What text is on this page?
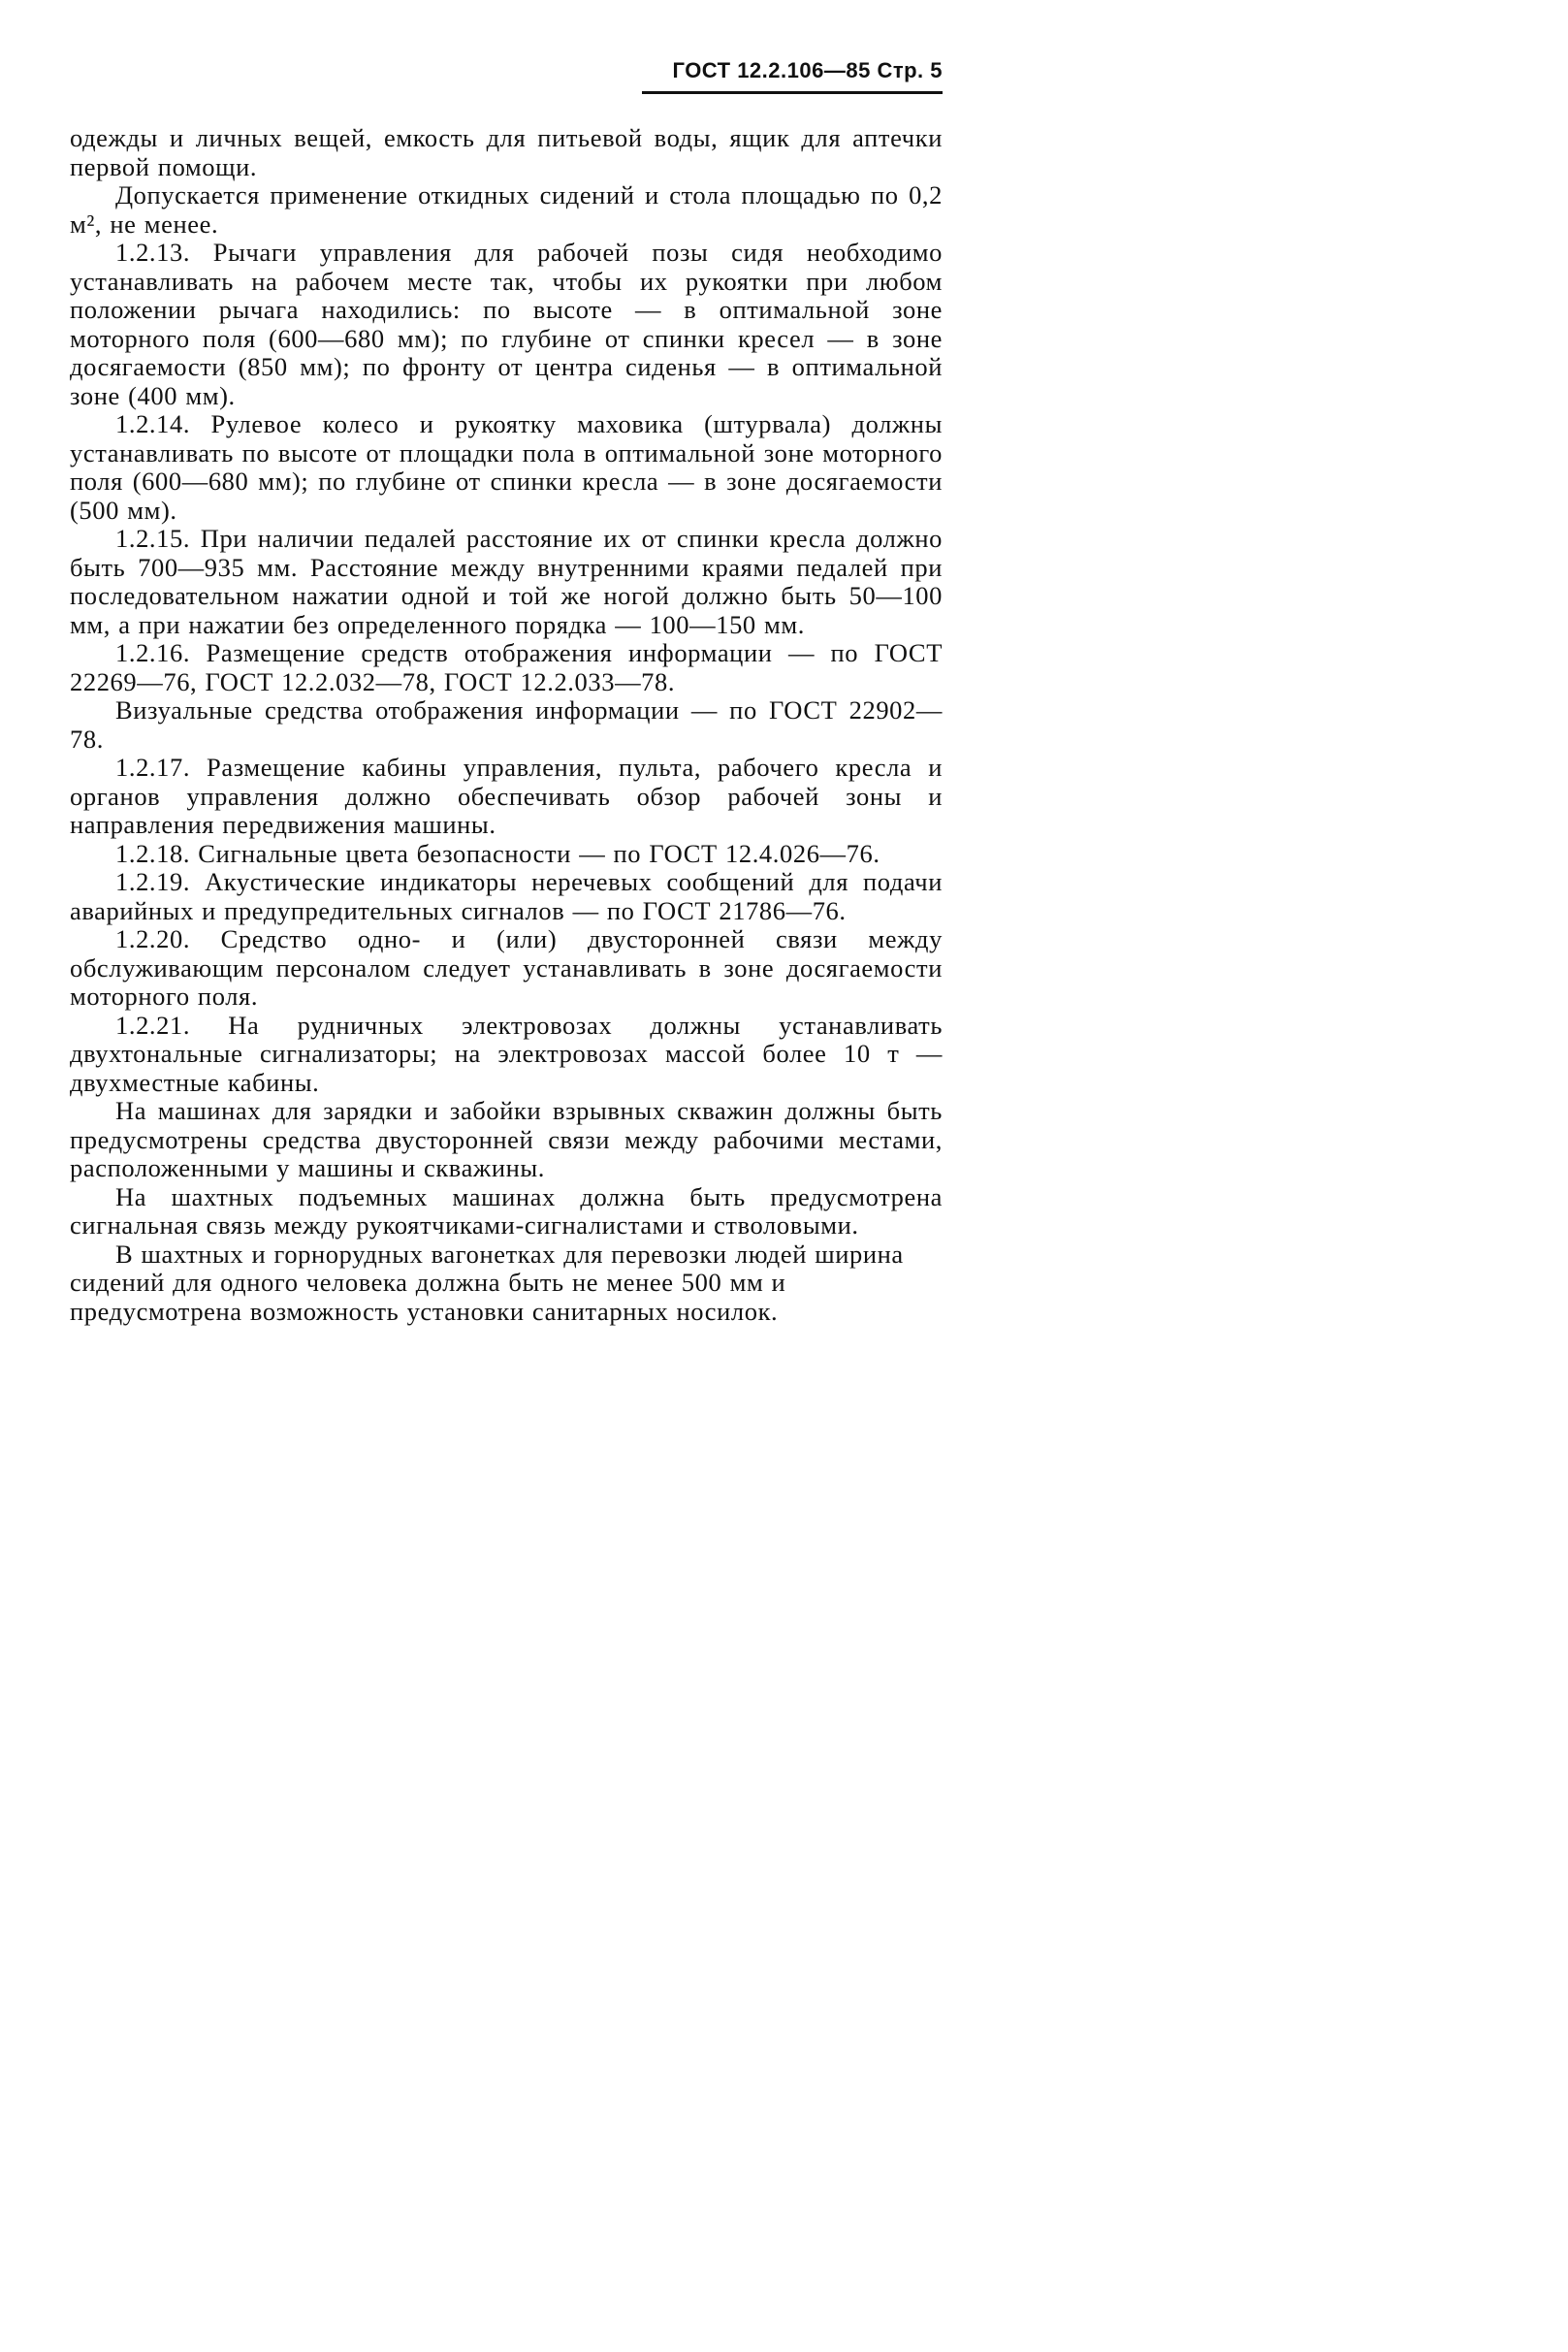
ГОСТ 12.2.106—85 Стр. 5

одежды и личных вещей, емкость для питьевой воды, ящик для аптечки первой помощи.

Допускается применение откидных сидений и стола площадью по 0,2 м², не менее.

1.2.13. Рычаги управления для рабочей позы сидя необходимо устанавливать на рабочем месте так, чтобы их рукоятки при любом положении рычага находились: по высоте — в оптимальной зоне моторного поля (600—680 мм); по глубине от спинки кресел — в зоне досягаемости (850 мм); по фронту от центра сиденья — в оптимальной зоне (400 мм).

1.2.14. Рулевое колесо и рукоятку маховика (штурвала) должны устанавливать по высоте от площадки пола в оптимальной зоне моторного поля (600—680 мм); по глубине от спинки кресла — в зоне досягаемости (500 мм).

1.2.15. При наличии педалей расстояние их от спинки кресла должно быть 700—935 мм. Расстояние между внутренними краями педалей при последовательном нажатии одной и той же ногой должно быть 50—100 мм, а при нажатии без определенного порядка — 100—150 мм.

1.2.16. Размещение средств отображения информации — по ГОСТ 22269—76, ГОСТ 12.2.032—78, ГОСТ 12.2.033—78.

Визуальные средства отображения информации — по ГОСТ 22902—78.

1.2.17. Размещение кабины управления, пульта, рабочего кресла и органов управления должно обеспечивать обзор рабочей зоны и направления передвижения машины.

1.2.18. Сигнальные цвета безопасности — по ГОСТ 12.4.026—76.

1.2.19. Акустические индикаторы неречевых сообщений для подачи аварийных и предупредительных сигналов — по ГОСТ 21786—76.

1.2.20. Средство одно- и (или) двусторонней связи между обслуживающим персоналом следует устанавливать в зоне досягаемости моторного поля.

1.2.21. На рудничных электровозах должны устанавливать двухтональные сигнализаторы; на электровозах массой более 10 т — двухместные кабины.

На машинах для зарядки и забойки взрывных скважин должны быть предусмотрены средства двусторонней связи между рабочими местами, расположенными у машины и скважины.

На шахтных подъемных машинах должна быть предусмотрена сигнальная связь между рукоятчиками-сигналистами и стволовыми.

В шахтных и горнорудных вагонетках для перевозки людей ширина сидений для одного человека должна быть не менее 500 мм и предусмотрена возможность установки санитарных носилок.
